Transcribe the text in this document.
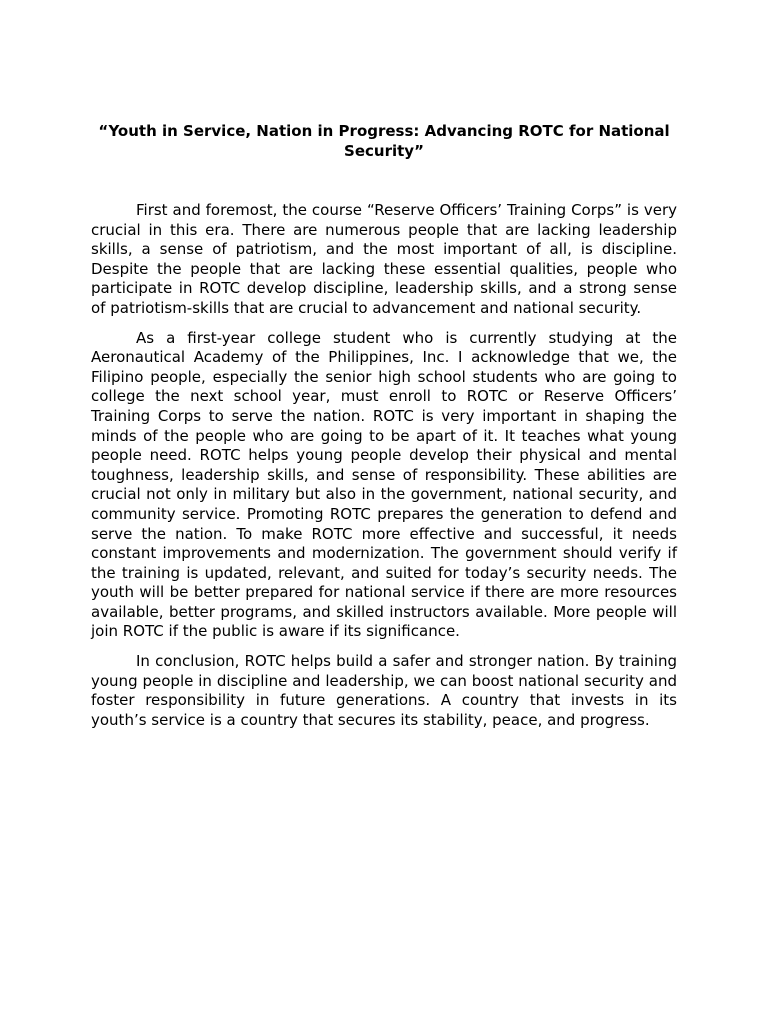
“Youth in Service, Nation in Progress: Advancing ROTC for National Security”

First and foremost, the course “Reserve Officers’ Training Corps” is very crucial in this era. There are numerous people that are lacking leadership skills, a sense of patriotism, and the most important of all, is discipline. Despite the people that are lacking these essential qualities, people who participate in ROTC develop discipline, leadership skills, and a strong sense of patriotism-skills that are crucial to advancement and national security.

As a first-year college student who is currently studying at the Aeronautical Academy of the Philippines, Inc. I acknowledge that we, the Filipino people, especially the senior high school students who are going to college the next school year, must enroll to ROTC or Reserve Officers’ Training Corps to serve the nation. ROTC is very important in shaping the minds of the people who are going to be apart of it. It teaches what young people need. ROTC helps young people develop their physical and mental toughness, leadership skills, and sense of responsibility. These abilities are crucial not only in military but also in the government, national security, and community service. Promoting ROTC prepares the generation to defend and serve the nation. To make ROTC more effective and successful, it needs constant improvements and modernization. The government should verify if the training is updated, relevant, and suited for today’s security needs. The youth will be better prepared for national service if there are more resources available, better programs, and skilled instructors available. More people will join ROTC if the public is aware if its significance.

In conclusion, ROTC helps build a safer and stronger nation. By training young people in discipline and leadership, we can boost national security and foster responsibility in future generations. A country that invests in its youth’s service is a country that secures its stability, peace, and progress.
